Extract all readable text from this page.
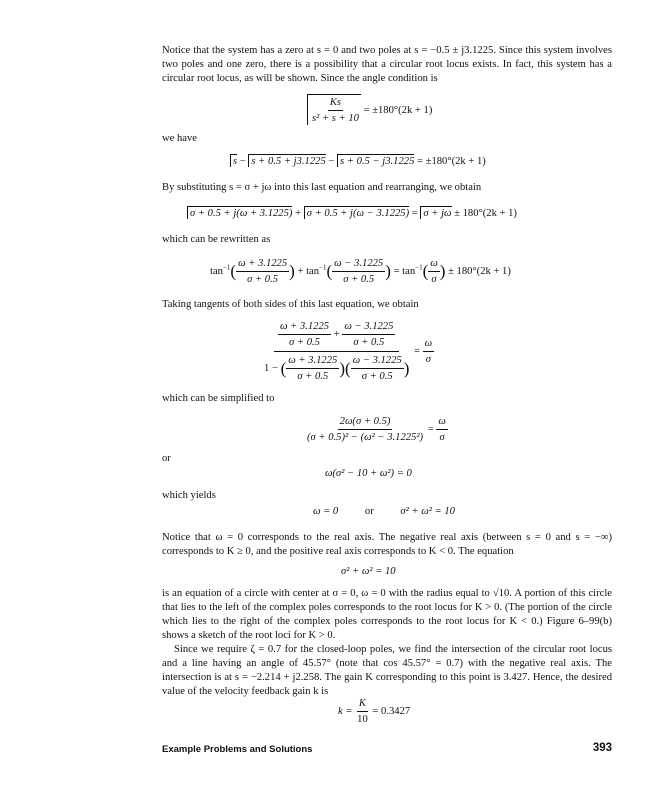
Notice that the system has a zero at s = 0 and two poles at s = −0.5 ± j3.1225. Since this system involves two poles and one zero, there is a possibility that a circular root locus exists. In fact, this system has a circular root locus, as will be shown. Since the angle condition is
$\frac{Ks}{\text{s² + s + 10}} = \pm 180^\circ(2k + 1)$
we have
s − s + 0.5 + j3.1225 − s + 0.5 − j3.1225 = ±180°(2k + 1)
By substituting s = σ + jω into this last equation and rearranging, we obtain
σ + 0.5 + j(ω + 3.1225) + σ + 0.5 + j(ω − 3.1225) = σ + jω ± 180°(2k + 1)
which can be rewritten as
$\tan^{-1}( \frac{\omega + 3.1225}{\sigma + 0.5}$ ) + $\tan^{-1}( \frac{\omega - 3.1225}{\sigma + 0.5}$ ) = $\tan^{-1}( \frac{\omega}{\sigma}$ ) ± 180°(2k + 1)
Taking tangents of both sides of this last equation, we obtain
$\frac{\frac{\omega + 3.1225}{\sigma + 0.5} + \frac{\omega - 3.1225}{\sigma + 0.5}}{1 - ( \frac{\omega + 3.1225}{\sigma + 0.5} )( \frac{\omega - 3.1225}{\sigma + 0.5} )} = \frac{\omega}{\sigma}$
which can be simplified to
$\frac{2\omega(\sigma + 0.5)}{\text{(σ + 0.5)² − (ω² − 3.1225²)}} = \frac{\omega}{\sigma}$
or
ω(σ² − 10 + ω²) = 0
which yields
ω = 0	or	σ² + ω² = 10
Notice that ω = 0 corresponds to the real axis. The negative real axis (between s = 0 and s = −∞) corresponds to K ≥ 0, and the positive real axis corresponds to K < 0. The equation
σ² + ω² = 10
is an equation of a circle with center at σ = 0, ω = 0 with the radius equal to √10. A portion of this circle that lies to the left of the complex poles corresponds to the root locus for K > 0. (The portion of the circle which lies to the right of the complex poles corresponds to the root locus for K < 0.) Figure 6–99(b) shows a sketch of the root loci for K > 0.
Since we require ζ = 0.7 for the closed-loop poles, we find the intersection of the circular root locus and a line having an angle of 45.57° (note that cos 45.57° = 0.7) with the negative real axis. The intersection is at s = −2.214 + j2.258. The gain K corresponding to this point is 3.427. Hence, the desired value of the velocity feedback gain k is
$k = \frac{K}{10} = 0.3427$
Example Problems and Solutions	393
